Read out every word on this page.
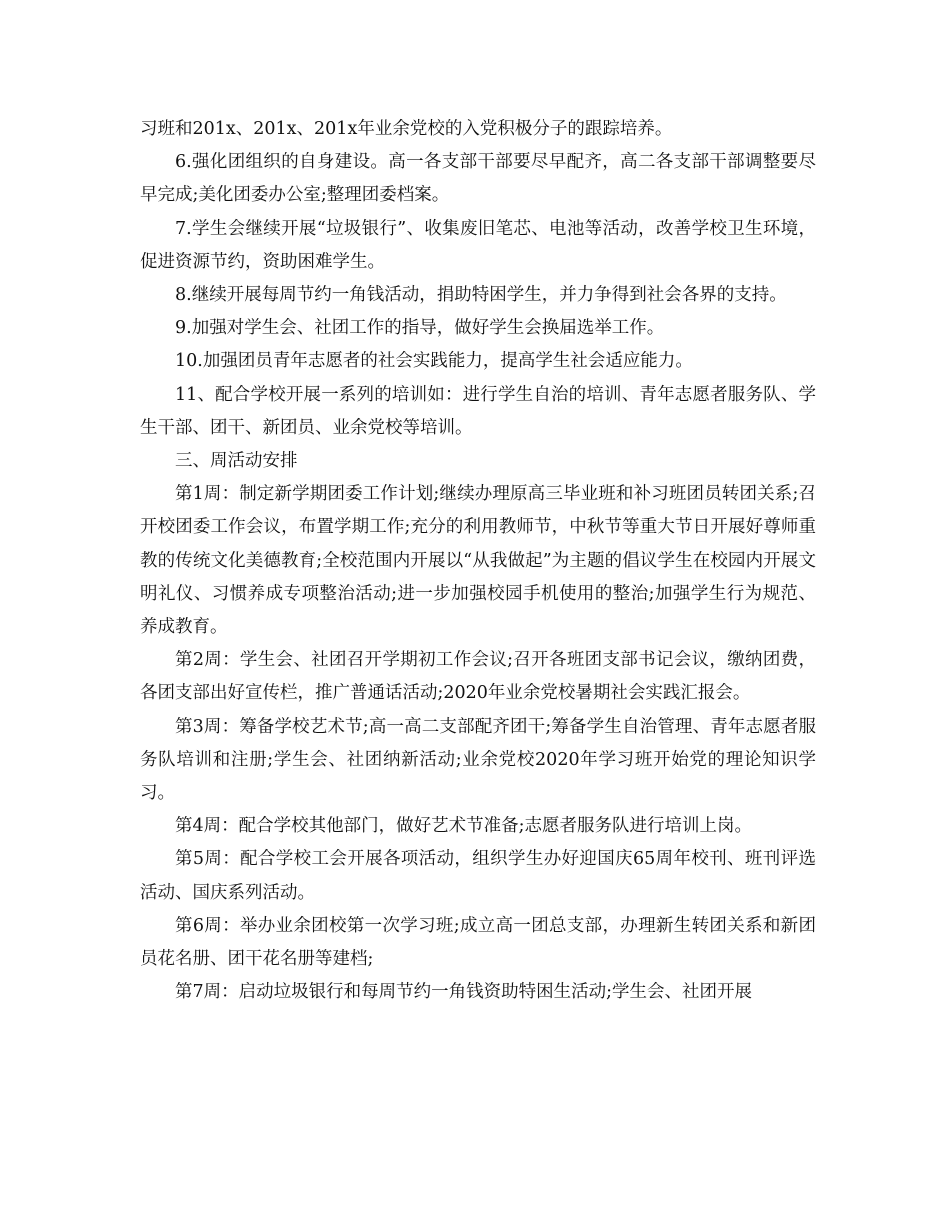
习班和201x、201x、201x年业余党校的入党积极分子的跟踪培养。

6.强化团组织的自身建设。高一各支部干部要尽早配齐，高二各支部干部调整要尽早完成;美化团委办公室;整理团委档案。

7.学生会继续开展“垃圾银行”、收集废旧笔芯、电池等活动，改善学校卫生环境，促进资源节约，资助困难学生。

8.继续开展每周节约一角钱活动，捐助特困学生，并力争得到社会各界的支持。

9.加强对学生会、社团工作的指导，做好学生会换届选举工作。

10.加强团员青年志愿者的社会实践能力，提高学生社会适应能力。

11、配合学校开展一系列的培训如：进行学生自治的培训、青年志愿者服务队、学生干部、团干、新团员、业余党校等培训。

三、周活动安排

第1周：制定新学期团委工作计划;继续办理原高三毕业班和补习班团员转团关系;召开校团委工作会议，布置学期工作;充分的利用教师节，中秋节等重大节日开展好尊师重教的传统文化美德教育;全校范围内开展以“从我做起”为主题的倡议学生在校园内开展文明礼仪、习惯养成专项整治活动;进一步加强校园手机使用的整治;加强学生行为规范、养成教育。

第2周：学生会、社团召开学期初工作会议;召开各班团支部书记会议，缴纳团费，各团支部出好宣传栏，推广普通话活动;2020年业余党校暑期社会实践汇报会。

第3周：筹备学校艺术节;高一高二支部配齐团干;筹备学生自治管理、青年志愿者服务队培训和注册;学生会、社团纳新活动;业余党校2020年学习班开始党的理论知识学习。

第4周：配合学校其他部门，做好艺术节准备;志愿者服务队进行培训上岗。

第5周：配合学校工会开展各项活动，组织学生办好迎国庆65周年校刊、班刊评选活动、国庆系列活动。

第6周：举办业余团校第一次学习班;成立高一团总支部，办理新生转团关系和新团员花名册、团干花名册等建档;

第7周：启动垃圾银行和每周节约一角钱资助特困生活动;学生会、社团开展
